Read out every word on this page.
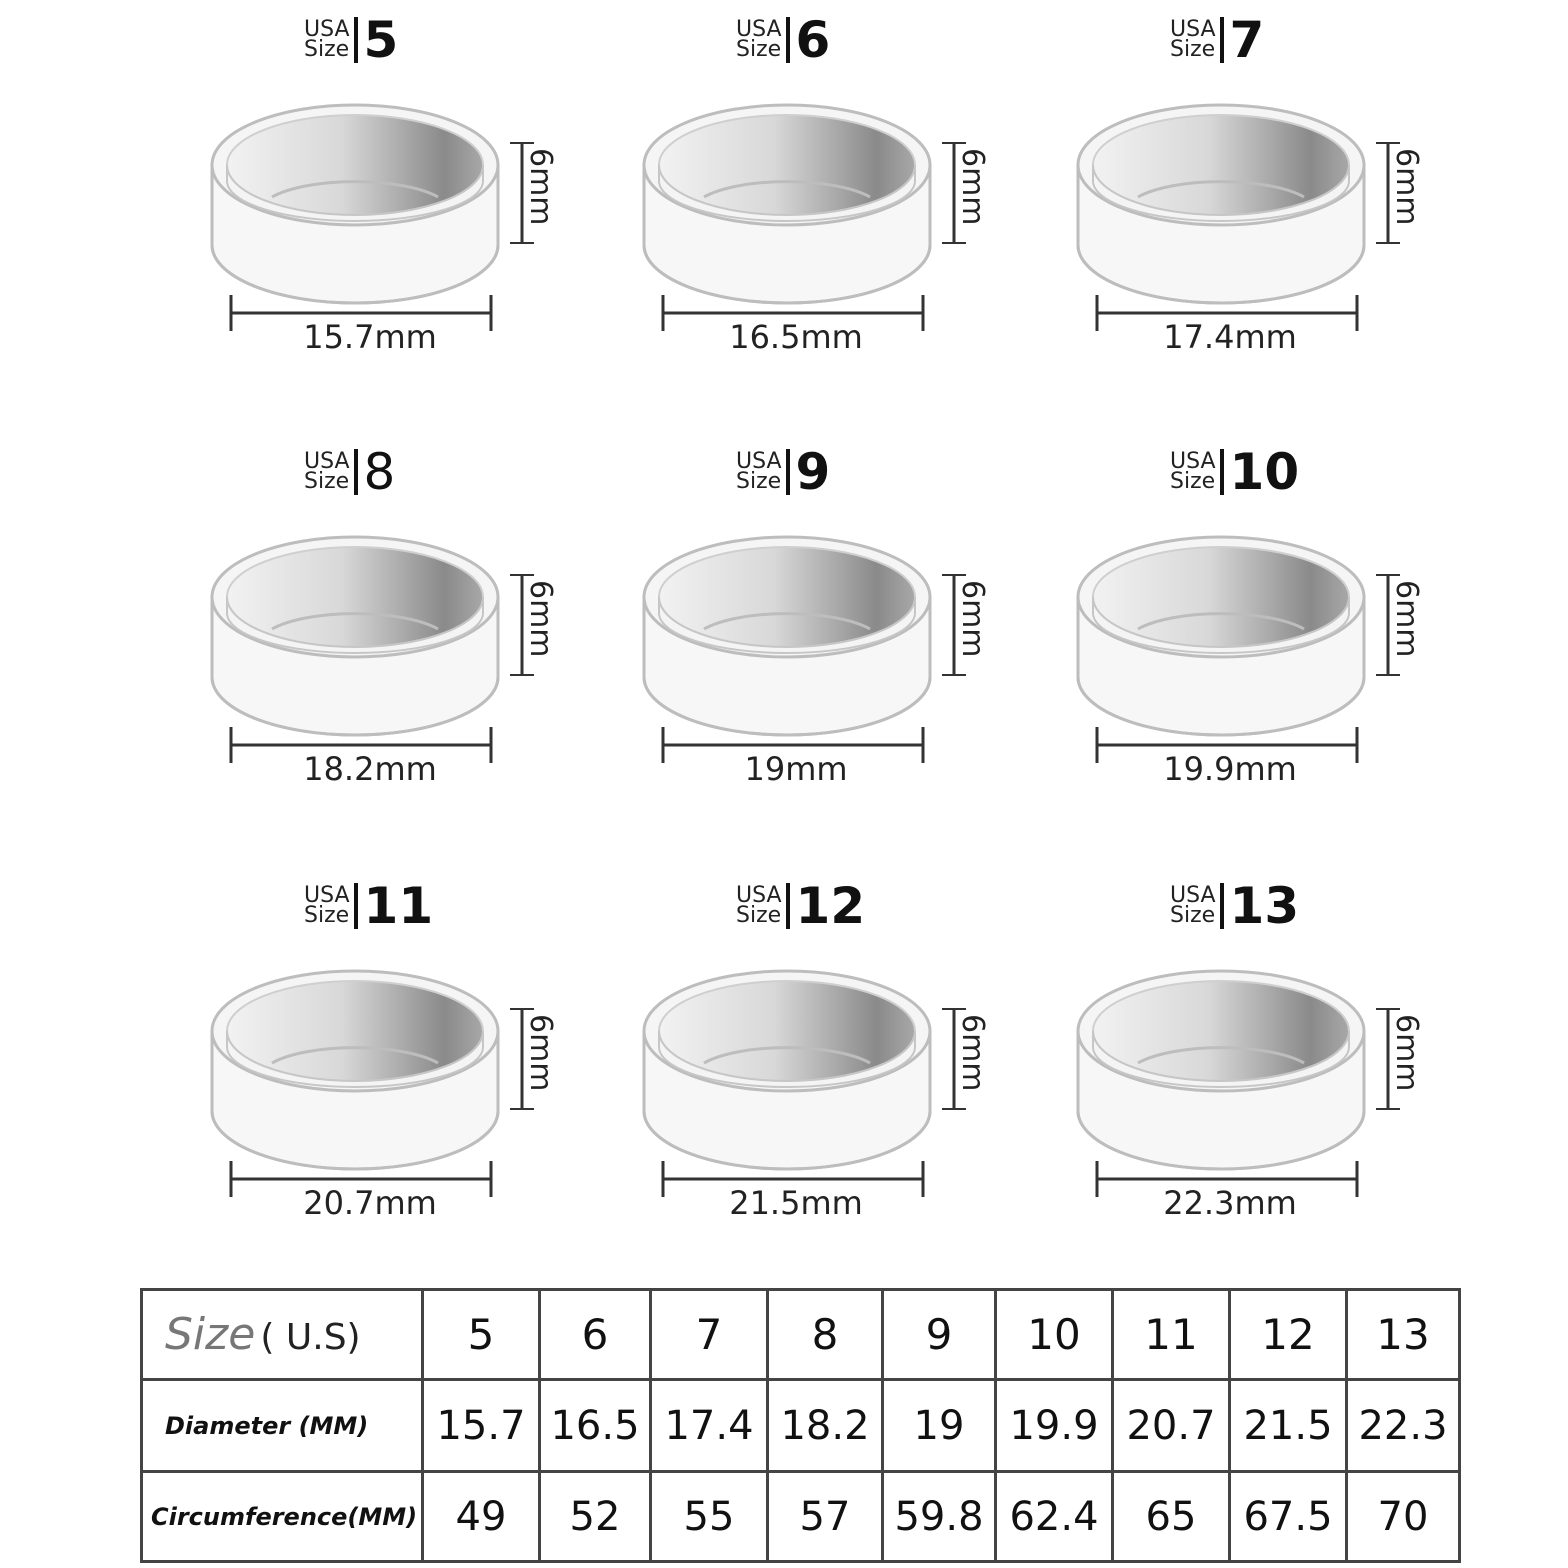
USA
Size 5
6mm
15.7mm
USA
Size 6
6mm
16.5mm
USA
Size 7
6mm
17.4mm
USA
Size 8
6mm
18.2mm
USA
Size 9
6mm
19mm
USA
Size 10
6mm
19.9mm
USA
Size 11
6mm
20.7mm
USA
Size 12
6mm
21.5mm
USA
Size 13
6mm
22.3mm
Size ( U.S)	5	6	7	8	9	10	11	12	13
Diameter (MM)	15.7	16.5	17.4	18.2	19	19.9	20.7	21.5	22.3
Circumference(MM)	49	52	55	57	59.8	62.4	65	67.5	70
